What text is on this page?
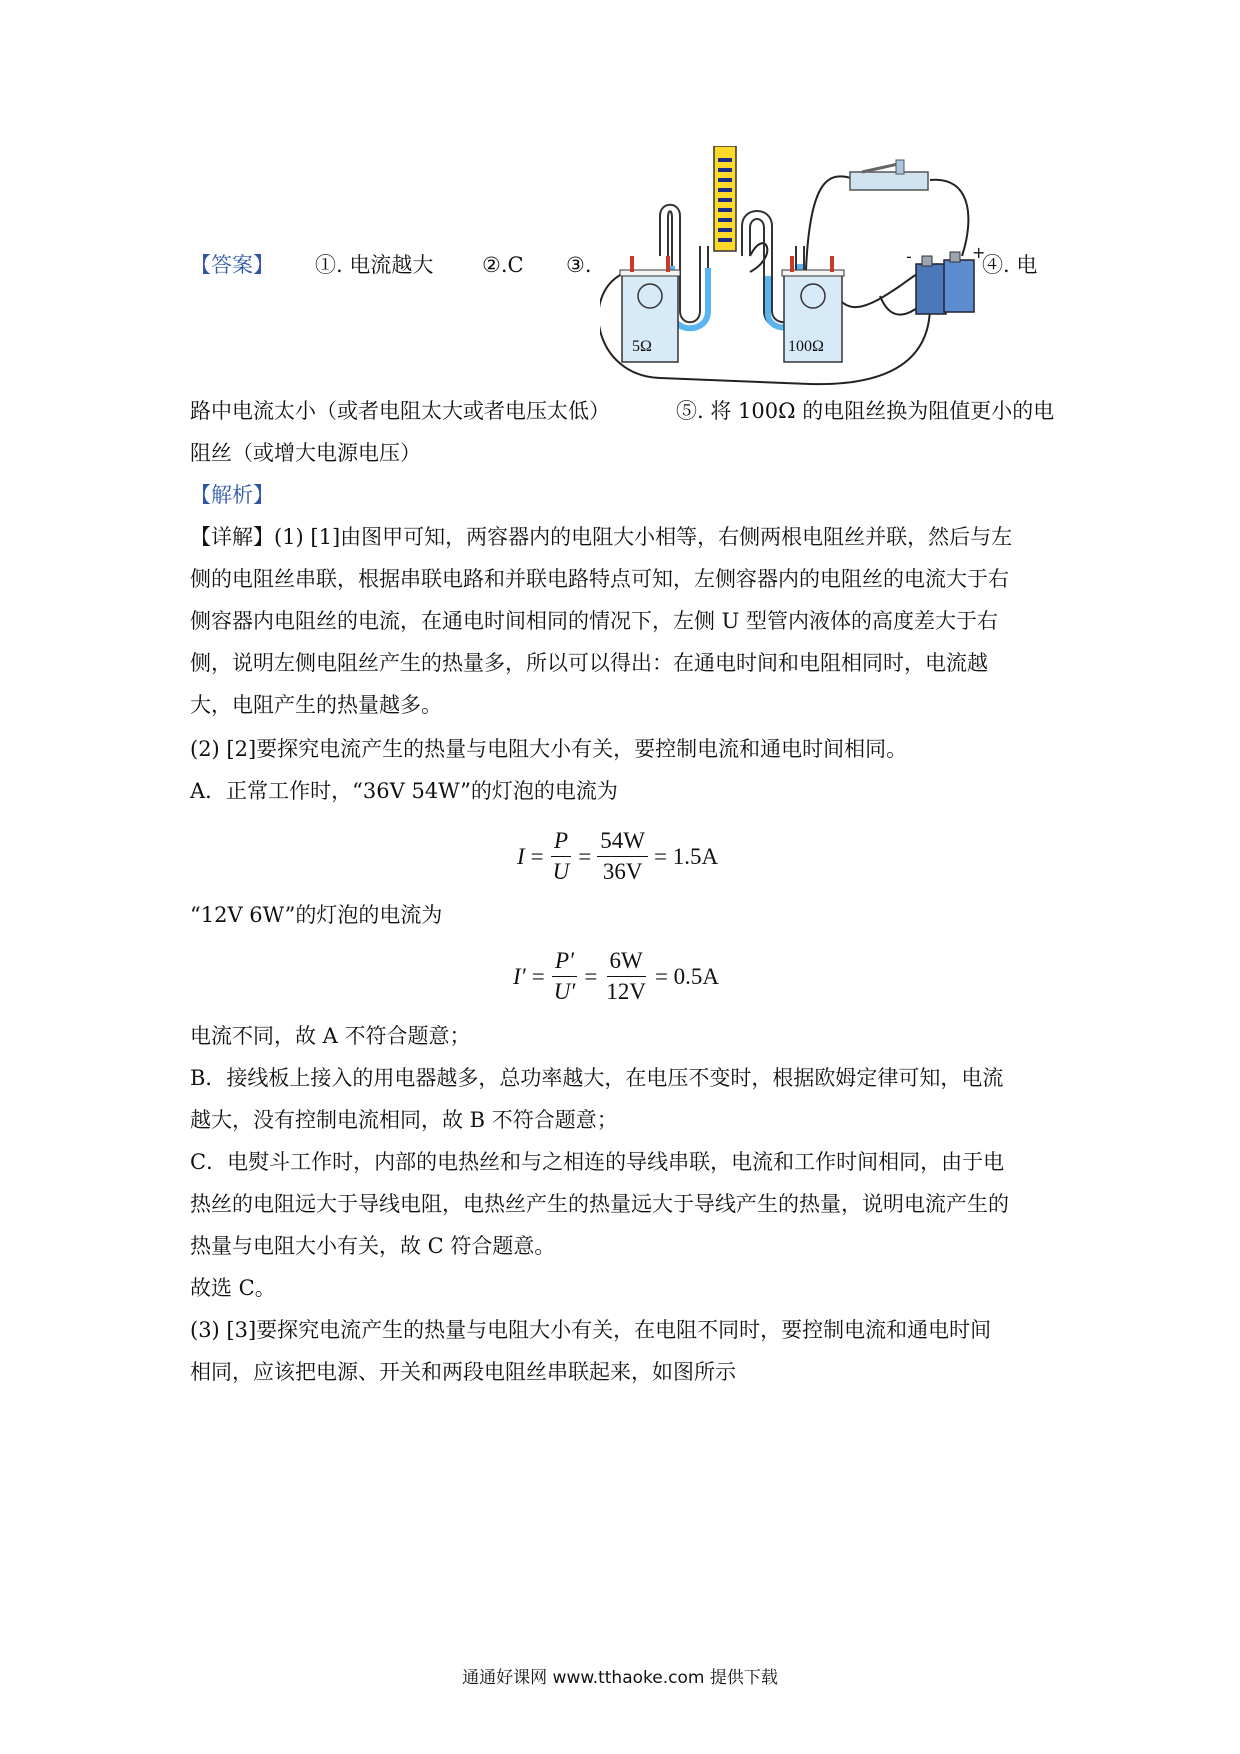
【答案】 ①. 电流越大 ②.C ③.	④. 电
5Ω	100Ω
-	+
路中电流太小（或者电阻太大或者电压太低）	⑤. 将 100Ω 的电阻丝换为阻值更小的电
阻丝（或增大电源电压）
【解析】
【详解】(1) [1]由图甲可知，两容器内的电阻大小相等，右侧两根电阻丝并联，然后与左
侧的电阻丝串联，根据串联电路和并联电路特点可知，左侧容器内的电阻丝的电流大于右
侧容器内电阻丝的电流，在通电时间相同的情况下，左侧 U 型管内液体的高度差大于右
侧，说明左侧电阻丝产生的热量多，所以可以得出：在通电时间和电阻相同时，电流越
大，电阻产生的热量越多。
(2) [2]要探究电流产生的热量与电阻大小有关，要控制电流和通电时间相同。
A．正常工作时，“36V 54W”的灯泡的电流为
$I = \frac{P}{U} = \frac{54W}{36V} = 1.5A$
“12V 6W”的灯泡的电流为
$I' = \frac{P'}{U'} = \frac{6W}{12V} = 0.5A$
电流不同，故 A 不符合题意；
B．接线板上接入的用电器越多，总功率越大，在电压不变时，根据欧姆定律可知，电流
越大，没有控制电流相同，故 B 不符合题意；
C．电熨斗工作时，内部的电热丝和与之相连的导线串联，电流和工作时间相同，由于电
热丝的电阻远大于导线电阻，电热丝产生的热量远大于导线产生的热量，说明电流产生的
热量与电阻大小有关，故 C 符合题意。
故选 C。
(3) [3]要探究电流产生的热量与电阻大小有关，在电阻不同时，要控制电流和通电时间
相同，应该把电源、开关和两段电阻丝串联起来，如图所示
通通好课网 www.tthaoke.com 提供下载
